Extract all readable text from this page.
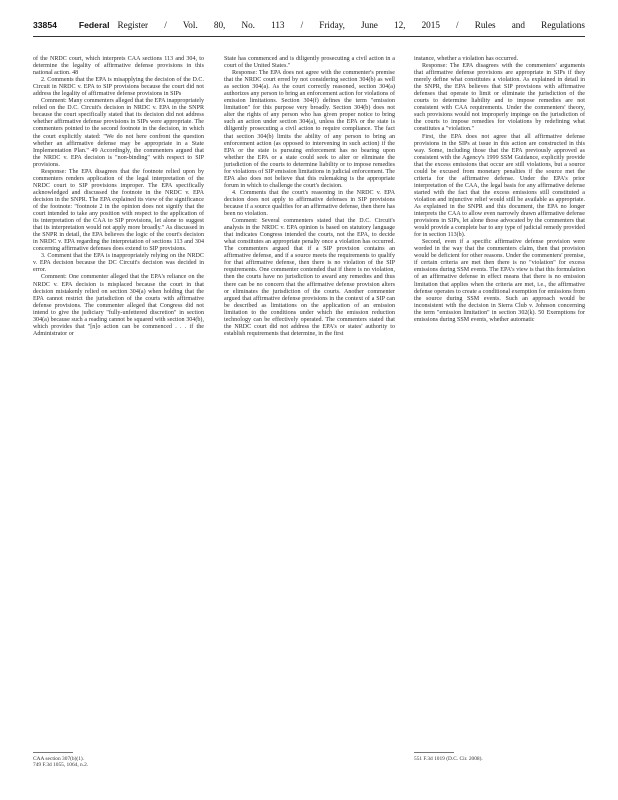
33854	Federal Register / Vol. 80, No. 113 / Friday, June 12, 2015 / Rules and Regulations

of the NRDC court, which interprets CAA sections 113 and 304, to determine the legality of affirmative defense provisions in this national action. 48

2. Comments that the EPA is misapplying the decision of the D.C. Circuit in NRDC v. EPA to SIP provisions because the court did not address the legality of affirmative defense provisions in SIPs

Comment: Many commenters alleged that the EPA inappropriately relied on the D.C. Circuit's decision in NRDC v. EPA in the SNPR because the court specifically stated that its decision did not address whether affirmative defense provisions in SIPs were appropriate. The commenters pointed to the second footnote in the decision, in which the court explicitly stated: "We do not here confront the question whether an affirmative defense may be appropriate in a State Implementation Plan." 49 Accordingly, the commenters argued that the NRDC v. EPA decision is "non-binding" with respect to SIP provisions.

Response: The EPA disagrees that the footnote relied upon by commenters renders application of the legal interpretation of the NRDC court to SIP provisions improper. The EPA specifically acknowledged and discussed the footnote in the NRDC v. EPA decision in the SNPR. The EPA explained its view of the significance of the footnote: "footnote 2 in the opinion does not signify that the court intended to take any position with respect to the application of its interpretation of the CAA to SIP provisions, let alone to suggest that its interpretation would not apply more broadly." As discussed in the SNPR in detail, the EPA believes the logic of the court's decision in NRDC v. EPA regarding the interpretation of sections 113 and 304 concerning affirmative defenses does extend to SIP provisions.

3. Comment that the EPA is inappropriately relying on the NRDC v. EPA decision because the DC Circuit's decision was decided in error.

Comment: One commenter alleged that the EPA's reliance on the NRDC v. EPA decision is misplaced because the court in that decision mistakenly relied on section 304(a) when holding that the EPA cannot restrict the jurisdiction of the courts with affirmative defense provisions. The commenter alleged that Congress did not intend to give the judiciary "fully-unfettered discretion" in section 304(a) because such a reading cannot be squared with section 304(b), which provides that "[n]o action can be commenced . . . if the Administrator or

State has commenced and is diligently prosecuting a civil action in a court of the United States."

Response: The EPA does not agree with the commenter's premise that the NRDC court erred by not considering section 304(b) as well as section 304(a). As the court correctly reasoned, section 304(a) authorizes any person to bring an enforcement action for violations of emission limitations. Section 304(f) defines the term "emission limitation" for this purpose very broadly. Section 304(b) does not alter the rights of any person who has given proper notice to bring such an action under section 304(a), unless the EPA or the state is diligently prosecuting a civil action to require compliance. The fact that section 304(b) limits the ability of any person to bring an enforcement action (as opposed to intervening in such action) if the EPA or the state is pursuing enforcement has no bearing upon whether the EPA or a state could seek to alter or eliminate the jurisdiction of the courts to determine liability or to impose remedies for violations of SIP emission limitations in judicial enforcement. The EPA also does not believe that this rulemaking is the appropriate forum in which to challenge the court's decision.

4. Comments that the court's reasoning in the NRDC v. EPA decision does not apply to affirmative defenses in SIP provisions because if a source qualifies for an affirmative defense, then there has been no violation.

Comment: Several commenters stated that the D.C. Circuit's analysis in the NRDC v. EPA opinion is based on statutory language that indicates Congress intended the courts, not the EPA, to decide what constitutes an appropriate penalty once a violation has occurred. The commenters argued that if a SIP provision contains an affirmative defense, and if a source meets the requirements to qualify for that affirmative defense, then there is no violation of the SIP requirements. One commenter contended that if there is no violation, then the courts have no jurisdiction to award any remedies and thus there can be no concern that the affirmative defense provision alters or eliminates the jurisdiction of the courts. Another commenter argued that affirmative defense provisions in the context of a SIP can be described as limitations on the application of an emission limitation to the conditions under which the emission reduction technology can be effectively operated. The commenters stated that the NRDC court did not address the EPA's or states' authority to establish requirements that determine, in the first

instance, whether a violation has occurred.

Response: The EPA disagrees with the commenters' arguments that affirmative defense provisions are appropriate in SIPs if they merely define what constitutes a violation. As explained in detail in the SNPR, the EPA believes that SIP provisions with affirmative defenses that operate to limit or eliminate the jurisdiction of the courts to determine liability and to impose remedies are not consistent with CAA requirements. Under the commenters' theory, such provisions would not improperly impinge on the jurisdiction of the courts to impose remedies for violations by redefining what constitutes a "violation."

First, the EPA does not agree that all affirmative defense provisions in the SIPs at issue in this action are constructed in this way. Some, including those that the EPA previously approved as consistent with the Agency's 1999 SSM Guidance, explicitly provide that the excess emissions that occur are still violations, but a source could be excused from monetary penalties if the source met the criteria for the affirmative defense. Under the EPA's prior interpretation of the CAA, the legal basis for any affirmative defense started with the fact that the excess emissions still constituted a violation and injunctive relief would still be available as appropriate. As explained in the SNPR and this document, the EPA no longer interprets the CAA to allow even narrowly drawn affirmative defense provisions in SIPs, let alone those advocated by the commenters that would provide a complete bar to any type of judicial remedy provided for in section 113(b).

Second, even if a specific affirmative defense provision were worded in the way that the commenters claim, then that provision would be deficient for other reasons. Under the commenters' premise, if certain criteria are met then there is no "violation" for excess emissions during SSM events. The EPA's view is that this formulation of an affirmative defense in effect means that there is no emission limitation that applies when the criteria are met, i.e., the affirmative defense operates to create a conditional exemption for emissions from the source during SSM events. Such an approach would be inconsistent with the decision in Sierra Club v. Johnson concerning the term "emission limitation" in section 302(k). 50 Exemptions for emissions during SSM events, whether automatic

CAA section 307(b)(1).
749 F.3d 1055, 1064, n.2.
551 F.3d 1019 (D.C. Cir. 2008).
